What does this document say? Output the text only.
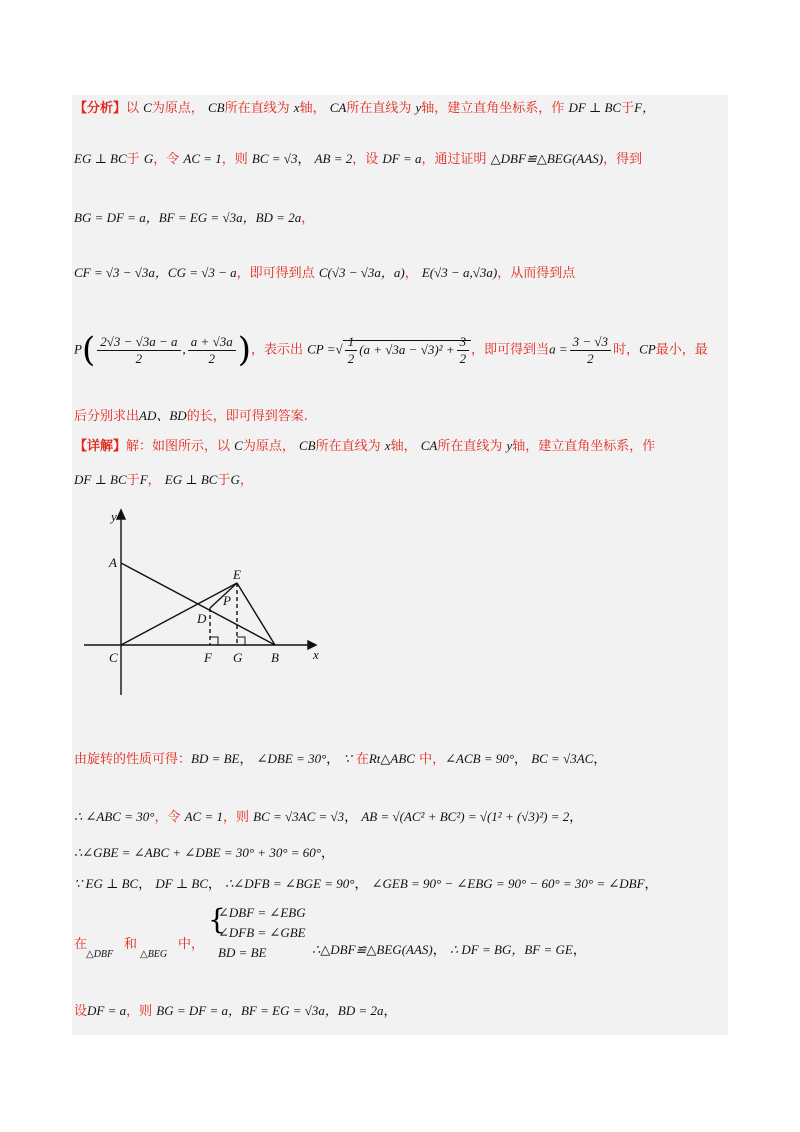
【分析】以 C为原点， CB所在直线为 x轴， CA所在直线为 y轴，建立直角坐标系，作 DF ⊥ BC于F，
EG ⊥ BC于 G，令 AC = 1，则 BC = √3， AB = 2，设 DF = a，通过证明 △DBF≌△BEG(AAS)，得到
BG = DF = a，BF = EG = √3a，BD = 2a，
CF = √3 − √3a，CG = √3 − a，即可得到点 C(√3 − √3a，a)， E(√3 − a,√3a)，从而得到点
$P( \frac{2√3 - √3a - a}{2}$ , $\frac{a + √3a}{2}$ )，表示出 CP =√ $\frac{1}{2} (a + √3a - √3)^2 + \frac{3}{2}$ ，即可得到当$a = \frac{3 - √3}{2}$ 时，CP最小，最
后分别求出AD、BD的长，即可得到答案.
【详解】解：如图所示，以 C为原点， CB所在直线为 x轴， CA所在直线为 y轴，建立直角坐标系，作
DF ⊥ BC于F， EG ⊥ BC于G，
y
A
E
P
D
C	F G B	x
由旋转的性质可得：BD = BE， ∠DBE = 30°， ∵ 在Rt△ABC 中，∠ACB = 90°， BC = √3AC，
∴ ∠ABC = 30°，令 AC = 1，则 BC = √3AC = √3， AB = √(AC² + BC²) = √(1² + (√3)²) = 2，
∴∠GBE = ∠ABC + ∠DBE = 30° + 30° = 60°，
∵ EG ⊥ BC， DF ⊥ BC， ∴∠DFB = ∠BGE = 90°， ∠GEB = 90° − ∠EBG = 90° − 60° = 30° = ∠DBF，
在
△DBF
和
△BEG
中，
{
∠DBF = ∠EBG
∠DFB = ∠GBE
BD = BE	∴△DBF≌△BEG(AAS)， ∴ DF = BG，BF = GE，
设DF = a，则 BG = DF = a，BF = EG = √3a，BD = 2a，
